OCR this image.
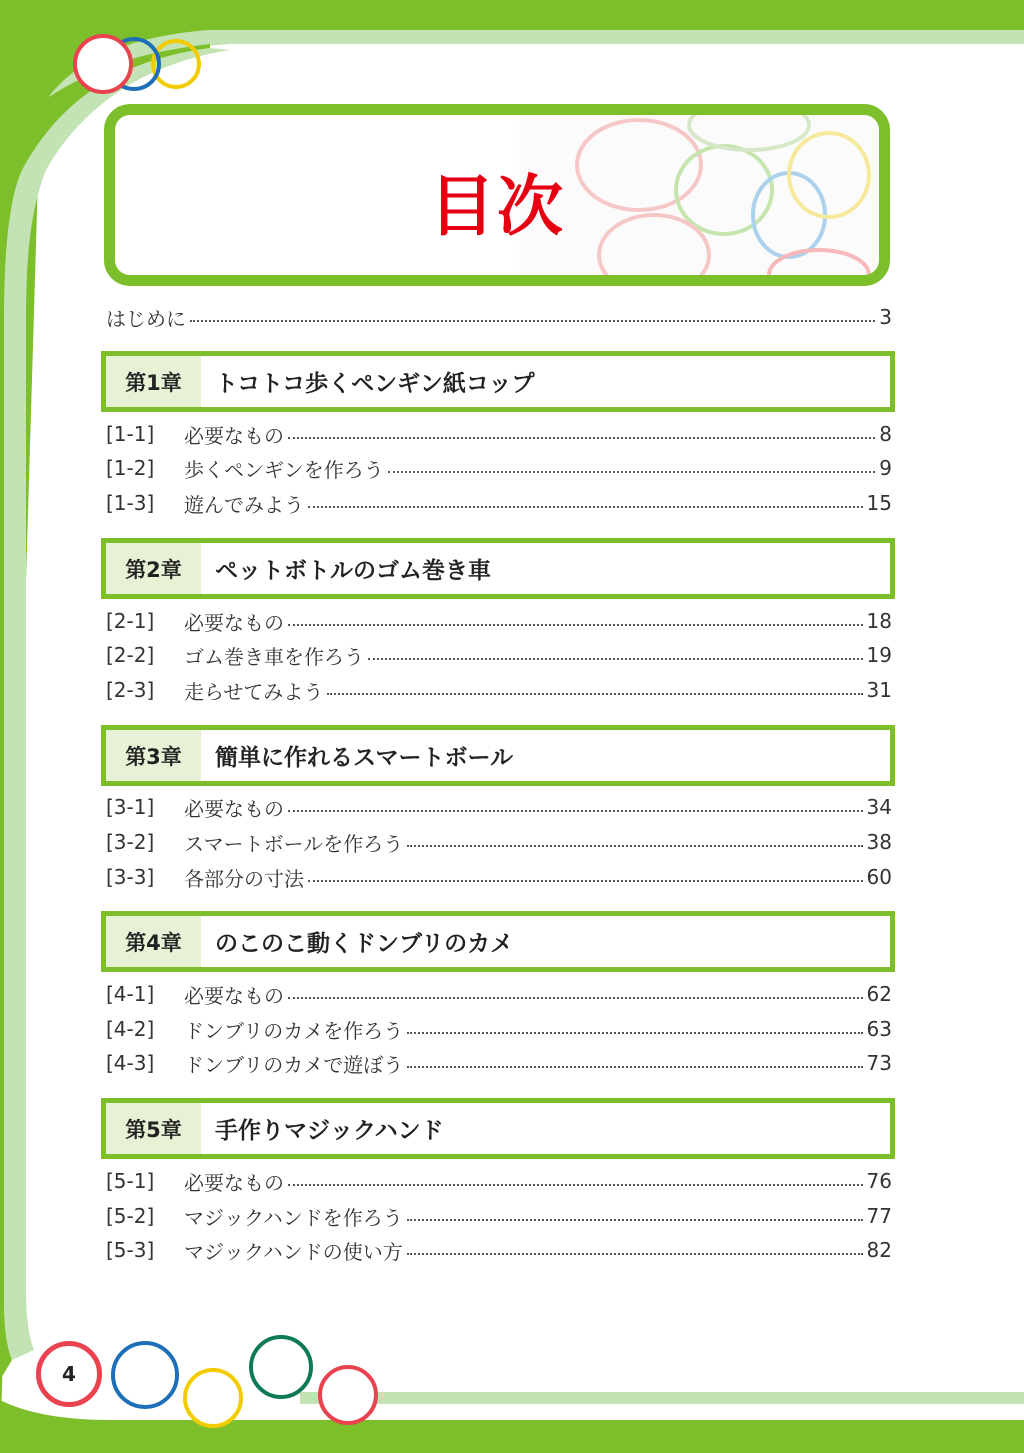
目次
はじめに	3
第1章	トコトコ歩くペンギン紙コップ
[1-1]	必要なもの	8
[1-2]	歩くペンギンを作ろう	9
[1-3]	遊んでみよう	15
第2章	ペットボトルのゴム巻き車
[2-1]	必要なもの	18
[2-2]	ゴム巻き車を作ろう	19
[2-3]	走らせてみよう	31
第3章	簡単に作れるスマートボール
[3-1]	必要なもの	34
[3-2]	スマートボールを作ろう	38
[3-3]	各部分の寸法	60
第4章	のこのこ動くドンブリのカメ
[4-1]	必要なもの	62
[4-2]	ドンブリのカメを作ろう	63
[4-3]	ドンブリのカメで遊ぼう	73
第5章	手作りマジックハンド
[5-1]	必要なもの	76
[5-2]	マジックハンドを作ろう	77
[5-3]	マジックハンドの使い方	82
4
